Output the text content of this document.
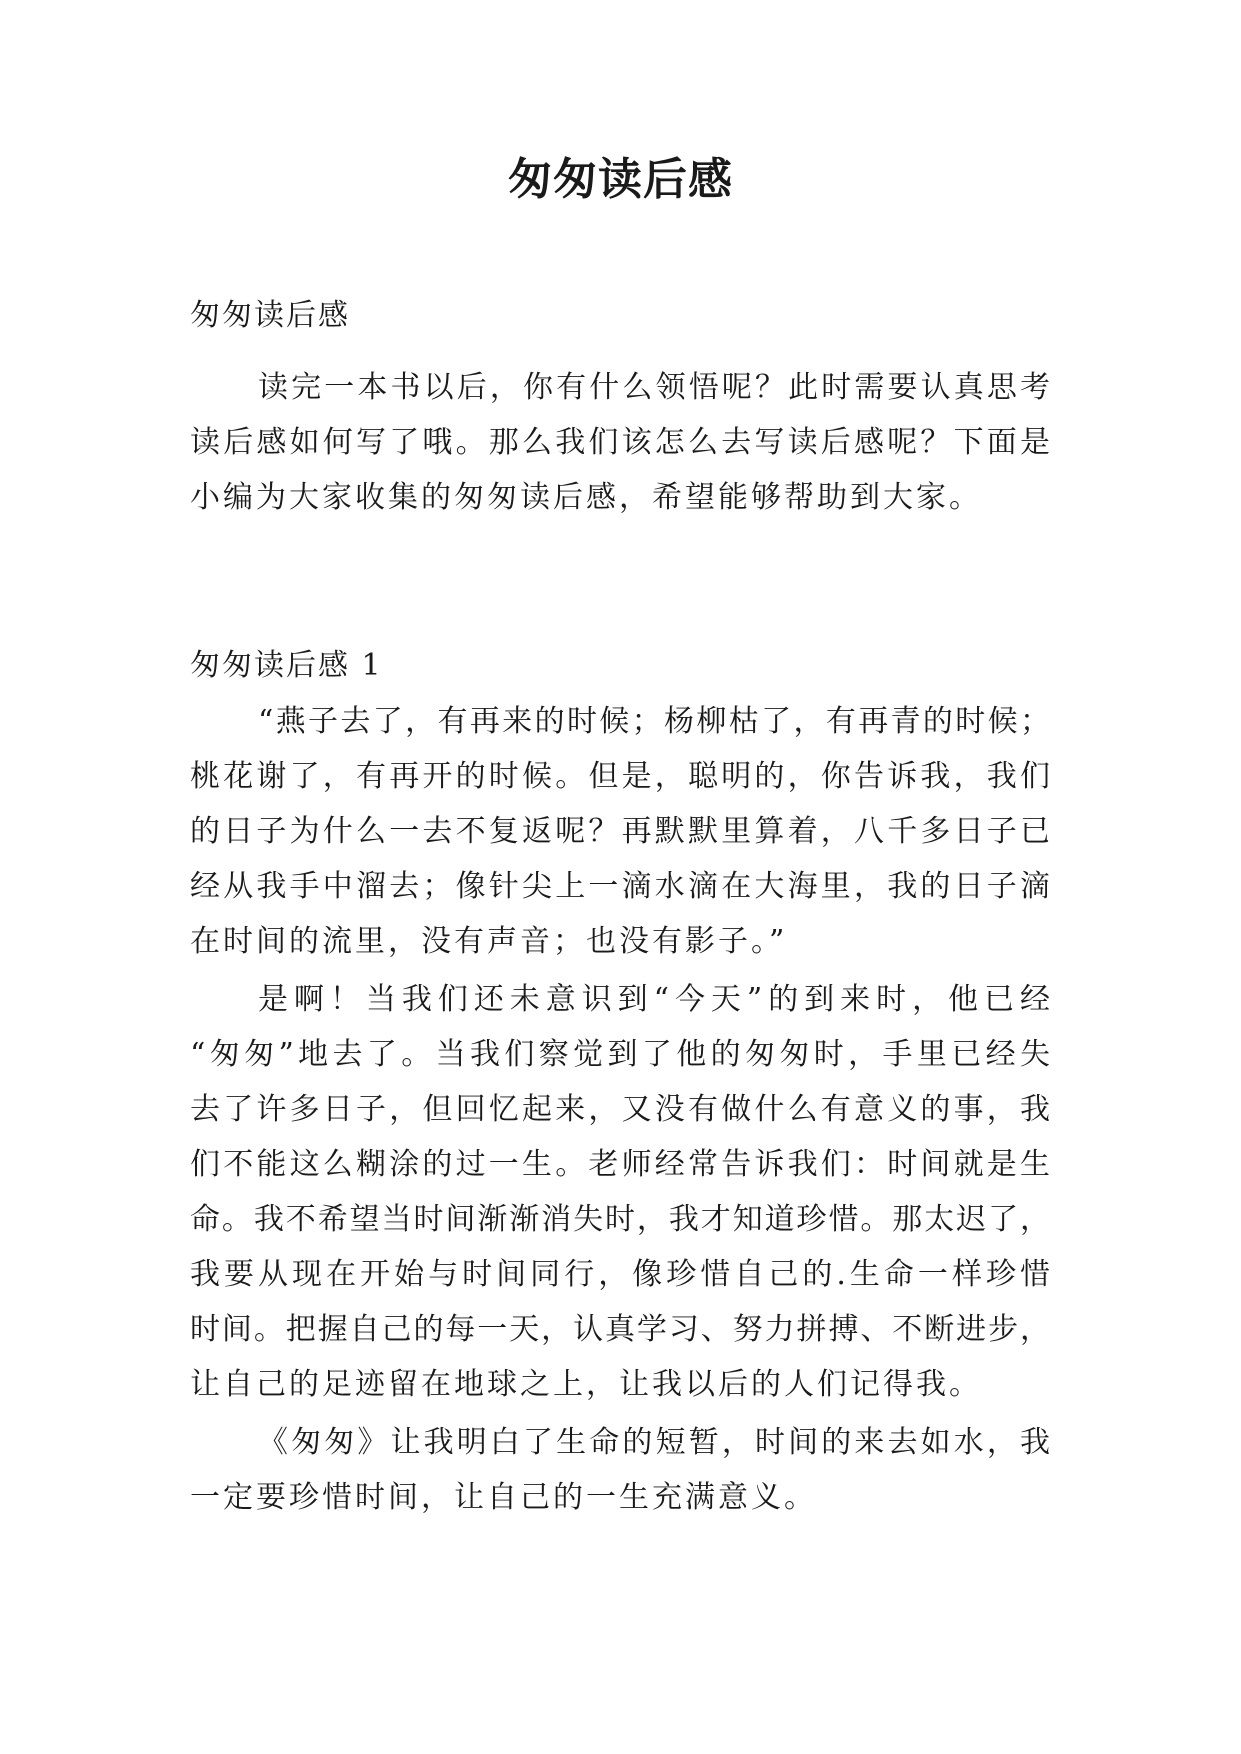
匆匆读后感
匆匆读后感
读完一本书以后，你有什么领悟呢？此时需要认真思考
读后感如何写了哦。那么我们该怎么去写读后感呢？下面是
小编为大家收集的匆匆读后感，希望能够帮助到大家。
匆匆读后感 1
“燕子去了，有再来的时候；杨柳枯了，有再青的时候；
桃花谢了，有再开的时候。但是，聪明的，你告诉我，我们
的日子为什么一去不复返呢？再默默里算着，八千多日子已
经从我手中溜去；像针尖上一滴水滴在大海里，我的日子滴
在时间的流里，没有声音；也没有影子。”
是啊！当我们还未意识到“今天”的到来时，他已经
“匆匆”地去了。当我们察觉到了他的匆匆时，手里已经失
去了许多日子，但回忆起来，又没有做什么有意义的事，我
们不能这么糊涂的过一生。老师经常告诉我们：时间就是生
命。我不希望当时间渐渐消失时，我才知道珍惜。那太迟了，
我要从现在开始与时间同行，像珍惜自己的.生命一样珍惜
时间。把握自己的每一天，认真学习、努力拼搏、不断进步，
让自己的足迹留在地球之上，让我以后的人们记得我。
《匆匆》让我明白了生命的短暂，时间的来去如水，我
一定要珍惜时间，让自己的一生充满意义。
